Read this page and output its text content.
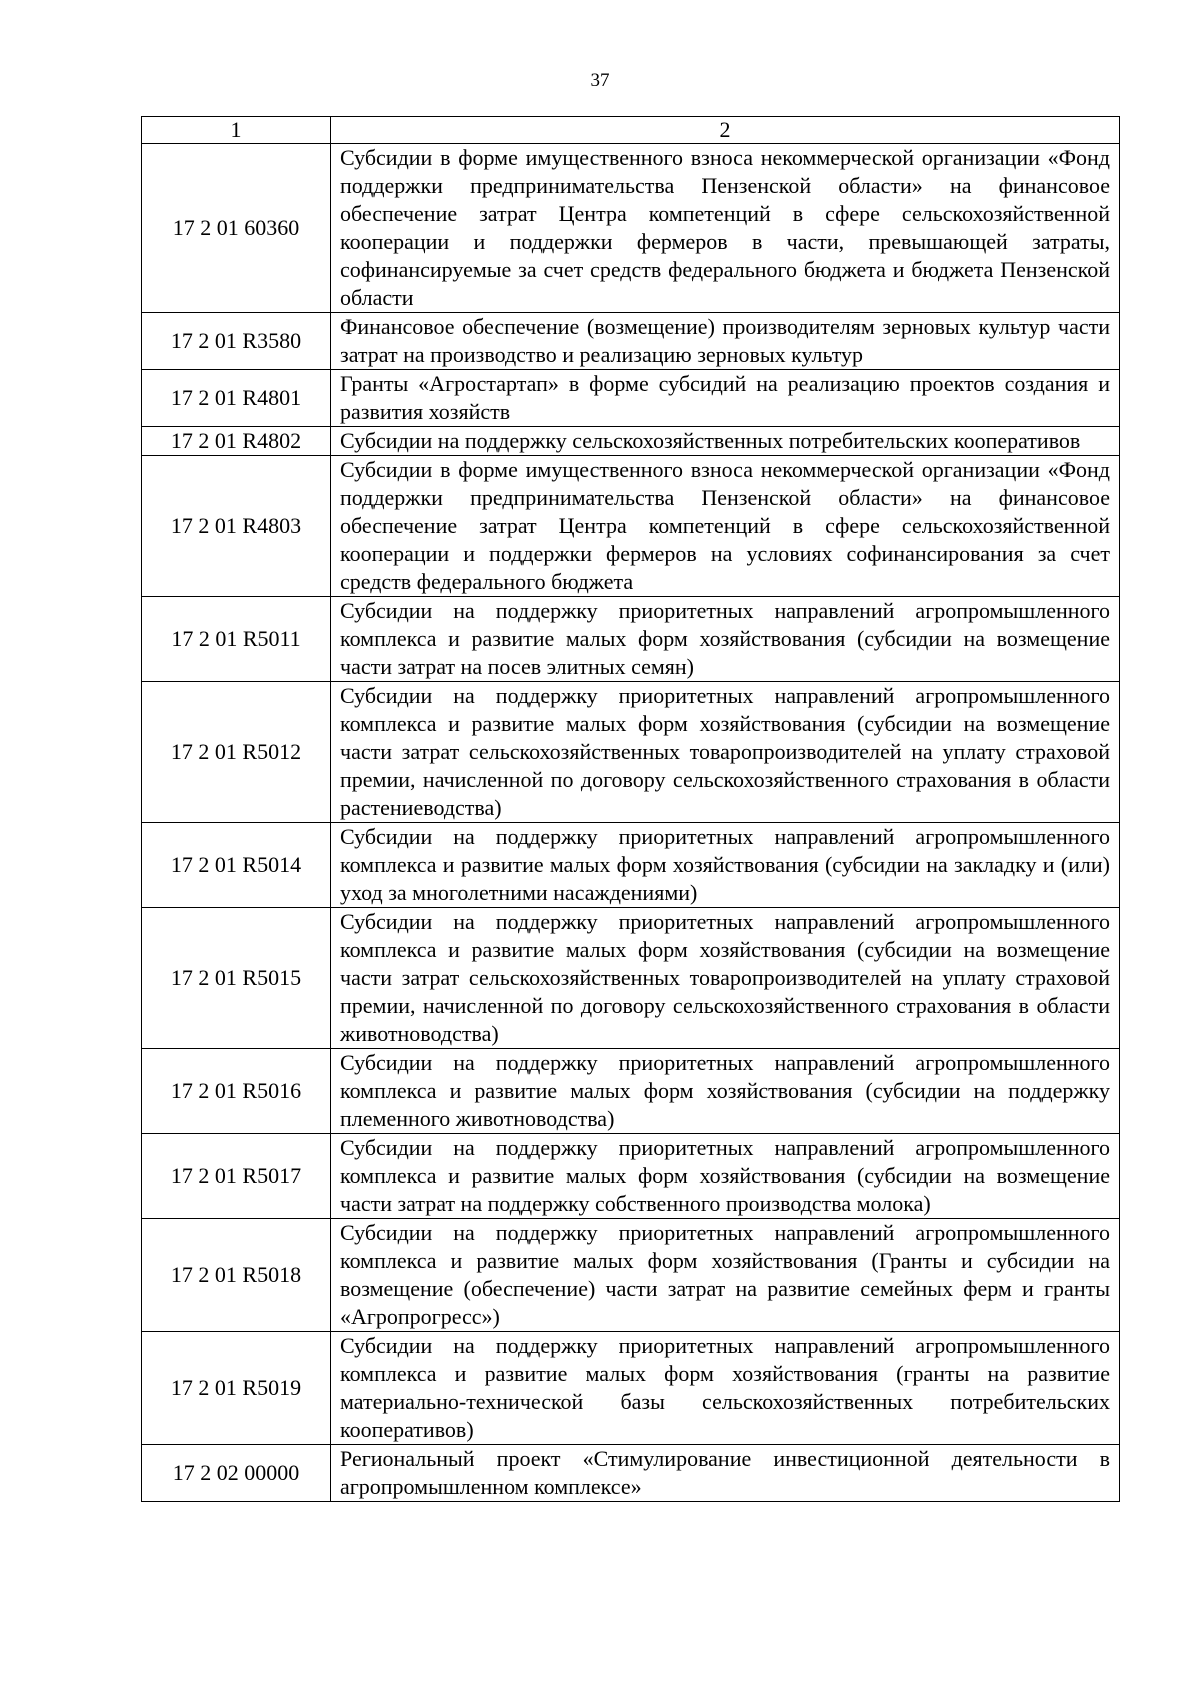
37
1	2
17 2 01 60360	Субсидии в форме имущественного взноса некоммерческой организации «Фонд поддержки предпринимательства Пензенской области» на финансовое обеспечение затрат Центра компетенций в сфере сельскохозяйственной кооперации и поддержки фермеров в части, превышающей затраты, софинансируемые за счет средств федерального бюджета и бюджета Пензенской области
17 2 01 R3580	Финансовое обеспечение (возмещение) производителям зерновых культур части затрат на производство и реализацию зерновых культур
17 2 01 R4801	Гранты «Агростартап» в форме субсидий на реализацию проектов создания и развития хозяйств
17 2 01 R4802	Субсидии на поддержку сельскохозяйственных потребительских кооперативов
17 2 01 R4803	Субсидии в форме имущественного взноса некоммерческой организации «Фонд поддержки предпринимательства Пензенской области» на финансовое обеспечение затрат Центра компетенций в сфере сельскохозяйственной кооперации и поддержки фермеров на условиях софинансирования за счет средств федерального бюджета
17 2 01 R5011	Субсидии на поддержку приоритетных направлений агропромышленного комплекса и развитие малых форм хозяйствования (субсидии на возмещение части затрат на посев элитных семян)
17 2 01 R5012	Субсидии на поддержку приоритетных направлений агропромышленного комплекса и развитие малых форм хозяйствования (субсидии на возмещение части затрат сельскохозяйственных товаропроизводителей на уплату страховой премии, начисленной по договору сельскохозяйственного страхования в области растениеводства)
17 2 01 R5014	Субсидии на поддержку приоритетных направлений агропромышленного комплекса и развитие малых форм хозяйствования (субсидии на закладку и (или) уход за многолетними насаждениями)
17 2 01 R5015	Субсидии на поддержку приоритетных направлений агропромышленного комплекса и развитие малых форм хозяйствования (субсидии на возмещение части затрат сельскохозяйственных товаропроизводителей на уплату страховой премии, начисленной по договору сельскохозяйственного страхования в области животноводства)
17 2 01 R5016	Субсидии на поддержку приоритетных направлений агропромышленного комплекса и развитие малых форм хозяйствования (субсидии на поддержку племенного животноводства)
17 2 01 R5017	Субсидии на поддержку приоритетных направлений агропромышленного комплекса и развитие малых форм хозяйствования (субсидии на возмещение части затрат на поддержку собственного производства молока)
17 2 01 R5018	Субсидии на поддержку приоритетных направлений агропромышленного комплекса и развитие малых форм хозяйствования (Гранты и субсидии на возмещение (обеспечение) части затрат на развитие семейных ферм и гранты «Агропрогресс»)
17 2 01 R5019	Субсидии на поддержку приоритетных направлений агропромышленного комплекса и развитие малых форм хозяйствования (гранты на развитие материально-технической базы сельскохозяйственных потребительских кооперативов)
17 2 02 00000	Региональный проект «Стимулирование инвестиционной деятельности в агропромышленном комплексе»
